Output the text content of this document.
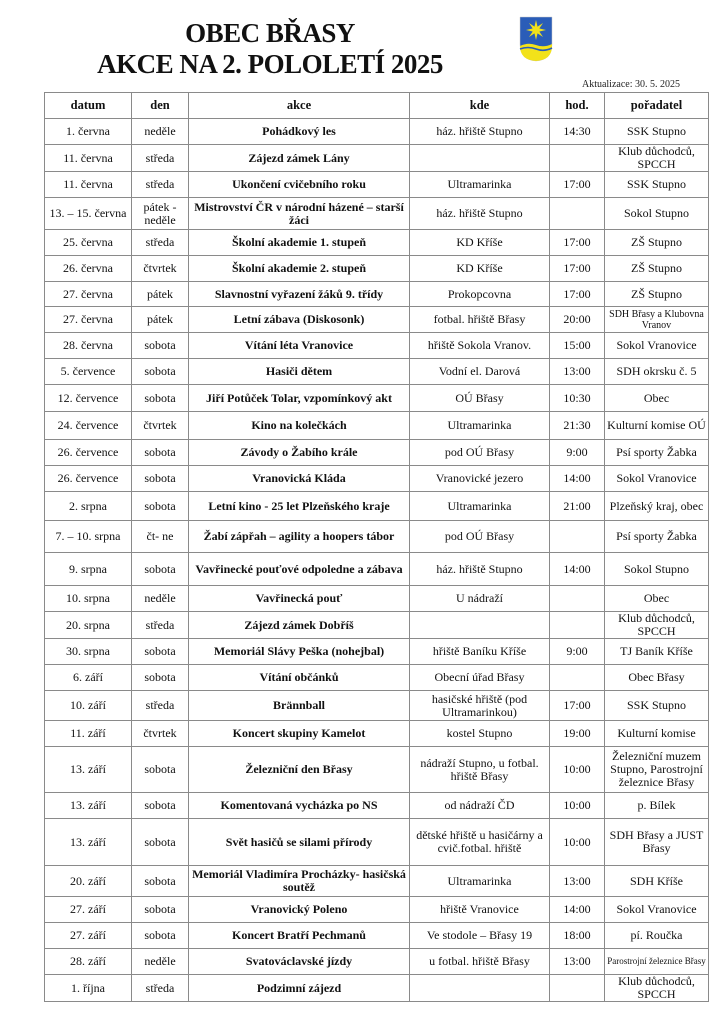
OBEC BŘASY
AKCE NA 2. POLOLETÍ 2025
Aktualizace: 30. 5. 2025
datum	den	akce	kde	hod.	pořadatel
1. června	neděle	Pohádkový les	ház. hřiště Stupno	14:30	SSK Stupno
11. června	středa	Zájezd zámek Lány			Klub důchodců, SPCCH
11. června	středa	Ukončení cvičebního roku	Ultramarinka	17:00	SSK Stupno
13. – 15. června	pátek - neděle	Mistrovství ČR v národní házené – starší žáci	ház. hřiště Stupno		Sokol Stupno
25. června	středa	Školní akademie 1. stupeň	KD Kříše	17:00	ZŠ Stupno
26. června	čtvrtek	Školní akademie 2. stupeň	KD Kříše	17:00	ZŠ Stupno
27. června	pátek	Slavnostní vyřazení žáků 9. třídy	Prokopcovna	17:00	ZŠ Stupno
27. června	pátek	Letní zábava (Diskosonk)	fotbal. hřiště Břasy	20:00	SDH Břasy a Klubovna Vranov
28. června	sobota	Vítání léta Vranovice	hřiště Sokola Vranov.	15:00	Sokol Vranovice
5. července	sobota	Hasiči dětem	Vodní el. Darová	13:00	SDH okrsku č. 5
12. července	sobota	Jiří Potůček Tolar, vzpomínkový akt	OÚ Břasy	10:30	Obec
24. července	čtvrtek	Kino na kolečkách	Ultramarinka	21:30	Kulturní komise OÚ
26. července	sobota	Závody o Žabího krále	pod OÚ Břasy	9:00	Psí sporty Žabka
26. července	sobota	Vranovická Kláda	Vranovické jezero	14:00	Sokol Vranovice
2. srpna	sobota	Letní kino - 25 let Plzeňského kraje	Ultramarinka	21:00	Plzeňský kraj, obec
7. – 10. srpna	čt- ne	Žabí zápřah – agility a hoopers tábor	pod OÚ Břasy		Psí sporty Žabka
9. srpna	sobota	Vavřinecké pouťové odpoledne a zábava	ház. hřiště Stupno	14:00	Sokol Stupno
10. srpna	neděle	Vavřinecká pouť	U nádraží		Obec
20. srpna	středa	Zájezd zámek Dobříš			Klub důchodců, SPCCH
30. srpna	sobota	Memoriál Slávy Peška (nohejbal)	hřiště Baníku Kříše	9:00	TJ Baník Kříše
6. září	sobota	Vítání občánků	Obecní úřad Břasy		Obec Břasy
10. září	středa	Brännball	hasičské hřiště (pod Ultramarinkou)	17:00	SSK Stupno
11. září	čtvrtek	Koncert skupiny Kamelot	kostel Stupno	19:00	Kulturní komise
13. září	sobota	Železniční den Břasy	nádraží Stupno, u fotbal. hřiště Břasy	10:00	Železniční muzem Stupno, Parostrojní železnice Břasy
13. září	sobota	Komentovaná vycházka po NS	od nádraží ČD	10:00	p. Bílek
13. září	sobota	Svět hasičů se silami přírody	dětské hřiště u hasičárny a cvič.fotbal. hřiště	10:00	SDH Břasy a JUST Břasy
20. září	sobota	Memoriál Vladimíra Procházky- hasičská soutěž	Ultramarinka	13:00	SDH Kříše
27. září	sobota	Vranovický Poleno	hřiště Vranovice	14:00	Sokol Vranovice
27. září	sobota	Koncert Bratří Pechmanů	Ve stodole – Břasy 19	18:00	pí. Roučka
28. září	neděle	Svatováclavské jízdy	u fotbal. hřiště Břasy	13:00	Parostrojní železnice Břasy
1. října	středa	Podzimní zájezd			Klub důchodců, SPCCH
